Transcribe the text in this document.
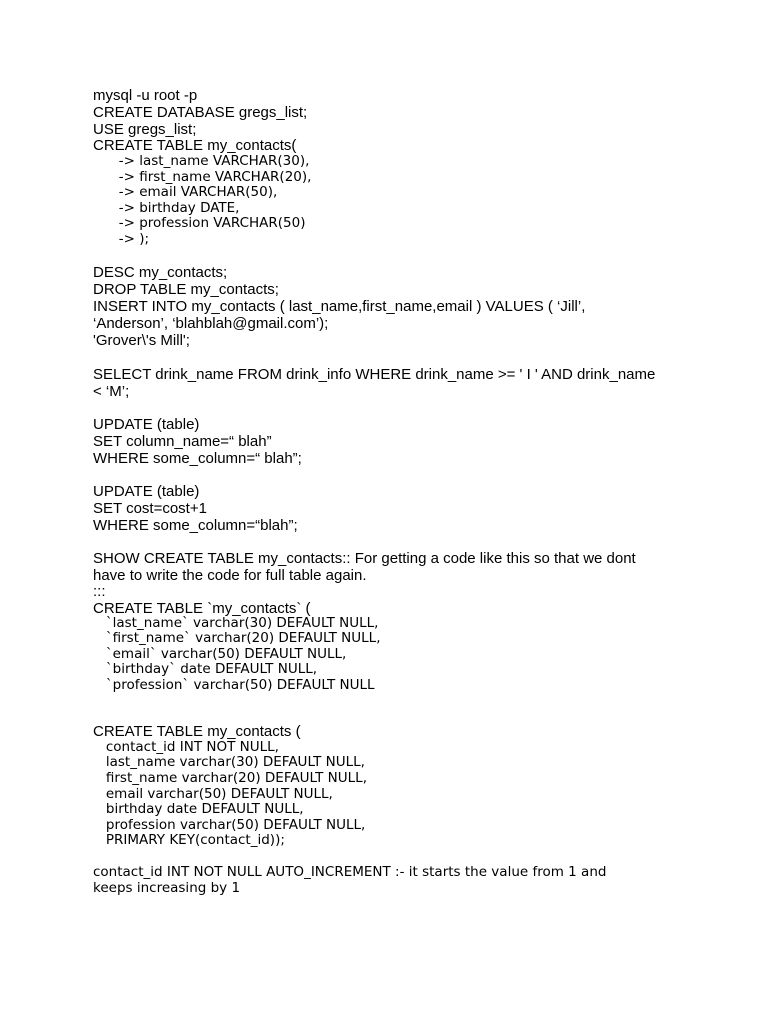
mysql -u root -p
CREATE DATABASE gregs_list;
USE gregs_list;
CREATE TABLE my_contacts(
-> last_name VARCHAR(30),
-> first_name VARCHAR(20),
-> email VARCHAR(50),
-> birthday DATE,
-> profession VARCHAR(50)
-> );
DESC my_contacts;
DROP TABLE my_contacts;
INSERT INTO my_contacts ( last_name,first_name,email ) VALUES ( ‘Jill’,
‘Anderson’, ‘blahblah@gmail.com’);
'Grover\'s Mill';
SELECT drink_name FROM drink_info WHERE drink_name >= ' I ' AND drink_name
< ‘M’;
UPDATE (table)
SET column_name=“ blah”
WHERE some_column=“ blah”;
UPDATE (table)
SET cost=cost+1
WHERE some_column=“blah”;
SHOW CREATE TABLE my_contacts:: For getting a code like this so that we dont
have to write the code for full table again.
:::
CREATE TABLE `my_contacts` (
`last_name` varchar(30) DEFAULT NULL,
`first_name` varchar(20) DEFAULT NULL,
`email` varchar(50) DEFAULT NULL,
`birthday` date DEFAULT NULL,
`profession` varchar(50) DEFAULT NULL
CREATE TABLE my_contacts (
contact_id INT NOT NULL,
last_name varchar(30) DEFAULT NULL,
first_name varchar(20) DEFAULT NULL,
email varchar(50) DEFAULT NULL,
birthday date DEFAULT NULL,
profession varchar(50) DEFAULT NULL,
PRIMARY KEY(contact_id));
contact_id INT NOT NULL AUTO_INCREMENT :- it starts the value from 1 and
keeps increasing by 1
